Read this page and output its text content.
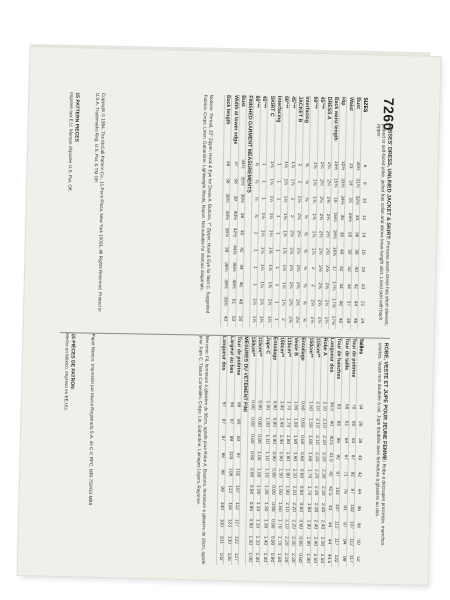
7260
MISSES' DRESS, UNLINED JACKET & SKIRT: Princess seam dress has short sleeves; pinked or self-faced yoke, jacket has collar and above knee-length skirt. Lined skirt with back zipper.
SIZES
6
8
10
12
14
16
18
20
22
24
Bust
30½
31½
32½
34
36
38
40
42
44
46
Waist
23
24
25
26½
28
30
32
34
37
39
Hip
32½
33½
34½
36
38
40
42
44
46
48
Back waist length
15½
15¾
16
16¼
16½
16¾
17
17¼
17⅜
17½
DRESS A
2¼
2¼
2⅜
2⅜
2½
2½
2⅝
2⅝
2¾
2¾
45"**
2¼
2¼
2¼
2⅜
2⅜
2½
2½
2⅝
2⅝
2¾
60"**
1⅝
1⅝
1¾
1¾
1⅞
1⅞
2
2
2⅛
2⅛
Interfacing
⅝
⅝
⅝
⅝
⅝
⅝
⅝
⅝
⅝
⅝
JACKET B
2
2
2⅛
2⅛
2¼
2¼
2⅜
2⅜
2½
2½
45"**
1⅞
1⅞
2
2
2⅛
2⅛
2¼
2¼
2⅜
2⅜
60"**
1½
1½
1½
1⅝
1⅝
1¾
1¾
1⅞
1⅞
2
Interfacing
1
1
1
1
1
1
1
1
1
1
SKIRT C
1⅛
1⅛
1¼
1¼
1¼
1⅜
1⅜
1⅜
1½
1½
45"**
1
1
1
1⅛
1⅛
1⅛
1¼
1¼
1¼
1⅜
60"**
⅞
⅞
⅞
⅞
1
1
1
1
1⅛
1⅛
FINISHED GARMENT MEASUREMENTS
Bust
34½
35½
36½
38
40
42
44
46
48
50
Width at lower edge
37
38
39
40½
42½
44½
46½
48½
51
53
Back length
38
38
38¼
38½
38¾
39
39¼
39½
39¾
40
Notions: Thread, 22" Zipper, Hook & Eye for Dress A. Buttons, 7" Zipper, Hook & Eye for Skirt C. Suggested Fabrics: Crepe, Linen, Gabardine, Lightweight Wools, Rayon. Not suitable for obvious diagonals.
Copyright © 1994, The McCall Pattern Co., 11 Penn Plaza, New York 10001. All Rights Reserved. Printed in U.S.A. Trademarks Reg. U.S. Pat. & TM Off.
15 PATTERN PIECES
Imprimé aux E.U. Marque déposée U.S. Pat. Off.
ROBE, VESTE ET JUPE POUR JEUNE FEMME: Robe à découpes princesse, manches courtes. Veste non doublée à col. Jupe doublée avec fermeture à glissière au dos.
Tailles
34
36
38
40
42
44
46
48
50
52
Tour de poitrine
78
80
83
87
92
97
102
107
112
117
Tour de taille
58
61
64
67
71
76
81
87
94
99
Tour de hanches
83
85
88
92
97
102
107
112
117
122
Longueur dos
39.5
40
40.5
41.5
42
42.5
43
44
44
44.5
Robe A
2.10
2.10
2.20
2.20
2.30
2.30
2.40
2.40
2.50
2.50
115cm**
2.10
2.10
2.10
2.20
2.20
2.30
2.30
2.40
2.40
2.50
150cm**
1.50
1.50
1.60
1.60
1.70
1.70
1.80
1.80
1.90
1.90
Entoilage
0.60
0.60
0.60
0.60
0.60
0.60
0.60
0.60
0.60
0.60
Veste B
1.80
1.80
1.90
1.90
2.10
2.10
2.20
2.20
2.30
2.30
115cm**
1.70
1.70
1.80
1.80
1.90
1.90
2.10
2.10
2.20
2.20
150cm**
1.40
1.40
1.40
1.50
1.50
1.60
1.60
1.70
1.70
1.80
Entoilage
0.90
0.90
0.90
0.90
0.90
0.90
0.90
0.90
0.90
0.90
Jupe C
1.00
1.00
1.10
1.10
1.10
1.30
1.30
1.30
1.40
1.40
115cm**
0.90
0.90
0.90
1.00
1.00
1.00
1.10
1.10
1.10
1.30
150cm**
0.80
0.80
0.80
0.80
0.90
0.90
0.90
0.90
1.00
1.00
MESURES DU VÊTEMENT FINI
Tour de poitrine
88
90
93
97
102
107
112
117
122
127
Largeur au bas
94
97
99
103
108
113
118
123
130
135
Longueur dos
97
97
97
98
98
99
100
100
101
102
Mercerie: Fil, fermeture à glissière de 56cm, agrafe pour Robe A. Boutons, fermeture à glissière de 18cm, agrafe pour Jupe C. Tissus Conseillés: Crêpe, Lin, Gabardine, Lainages Légers, Rayonne.
Papel Mexico. Impresión por Marca Registrada S.A. de C.V. RFC: MRI-750410-MB8
15 PIÈCES DE PATRON
Hecho en México. Impreso en EE.UU.
